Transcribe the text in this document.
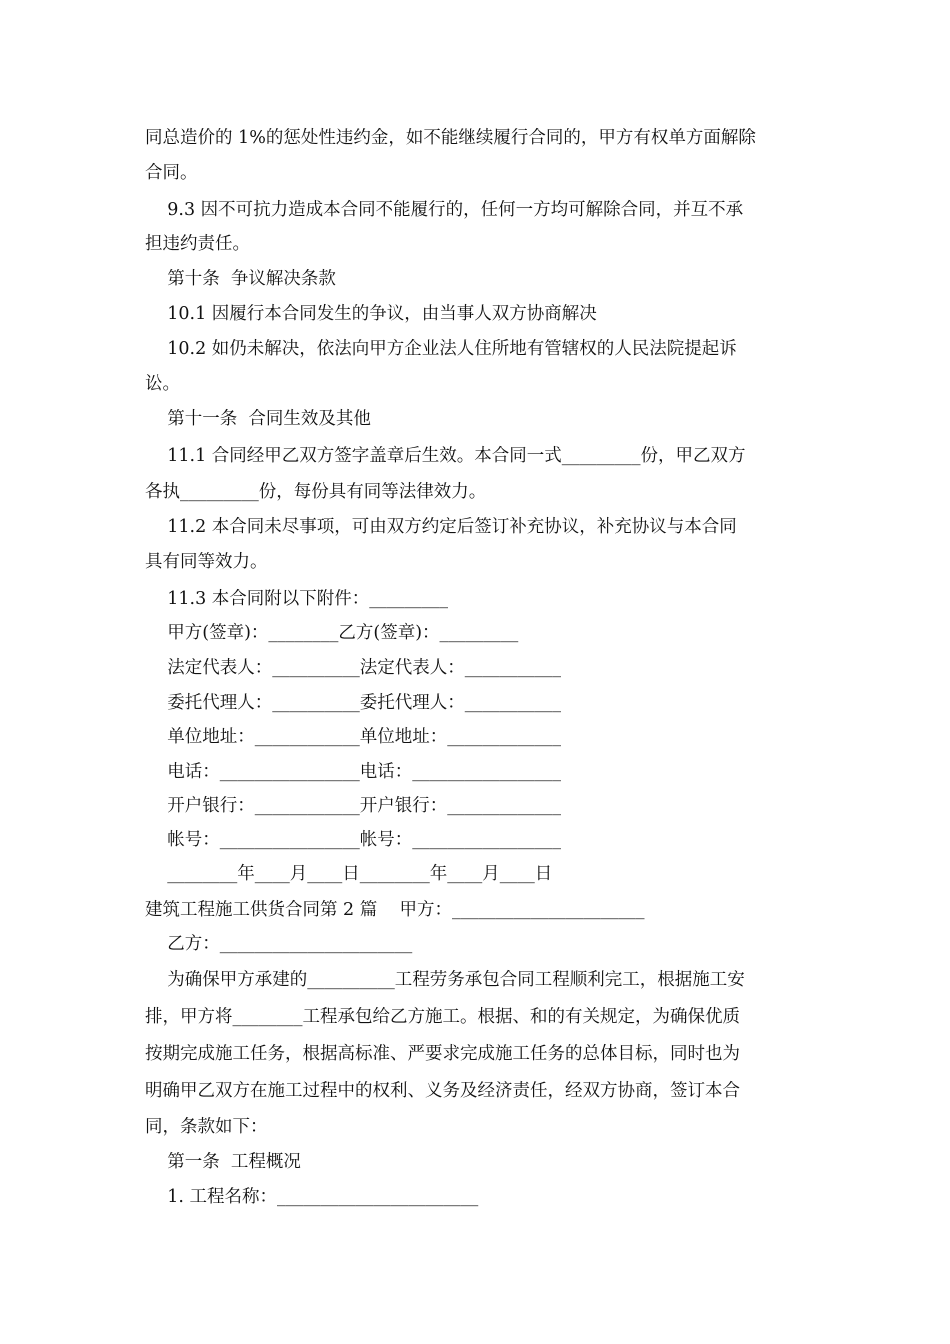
同总造价的 1%的惩处性违约金，如不能继续履行合同的，甲方有权单方面解除
合同。
9.3 因不可抗力造成本合同不能履行的，任何一方均可解除合同，并互不承
担违约责任。
第十条  争议解决条款
10.1 因履行本合同发生的争议，由当事人双方协商解决
10.2 如仍未解决，依法向甲方企业法人住所地有管辖权的人民法院提起诉
讼。
第十一条  合同生效及其他
11.1 合同经甲乙双方签字盖章后生效。本合同一式_________份，甲乙双方
各执_________份，每份具有同等法律效力。
11.2 本合同未尽事项，可由双方约定后签订补充协议，补充协议与本合同
具有同等效力。
11.3 本合同附以下附件：_________
甲方(签章)：________乙方(签章)：_________
法定代表人：__________法定代表人：___________
委托代理人：__________委托代理人：___________
单位地址：____________单位地址：_____________
电话：________________电话：_________________
开户银行：____________开户银行：_____________
帐号：________________帐号：_________________
________年____月____日________年____月____日
建筑工程施工供货合同第 2 篇    甲方：______________________
乙方：______________________
为确保甲方承建的__________工程劳务承包合同工程顺利完工，根据施工安
排，甲方将________工程承包给乙方施工。根据、和的有关规定，为确保优质
按期完成施工任务，根据高标准、严要求完成施工任务的总体目标，同时也为
明确甲乙双方在施工过程中的权利、义务及经济责任，经双方协商，签订本合
同，条款如下：
第一条  工程概况
1. 工程名称：_______________________
